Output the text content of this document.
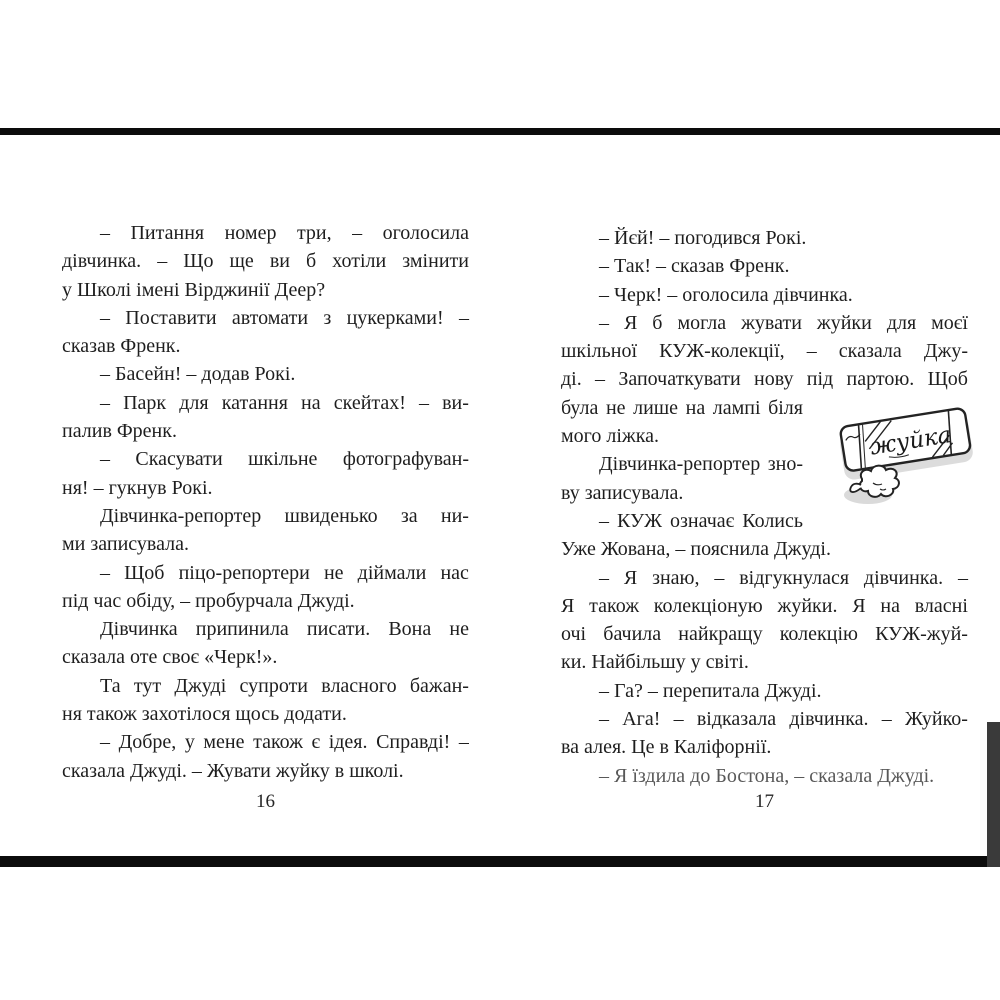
– Питання номер три, – оголосила
дівчинка. – Що ще ви б хотіли змінити
у Школі імені Вірджинії Деер?
– Поставити автомати з цукерками! –
сказав Френк.
– Басейн! – додав Рокі.
– Парк для катання на скейтах! – ви-
палив Френк.
– Скасувати шкільне фотографуван-
ня! – гукнув Рокі.
Дівчинка-репортер швиденько за ни-
ми записувала.
– Щоб піцо-репортери не діймали нас
під час обіду, – пробурчала Джуді.
Дівчинка припинила писати. Вона не
сказала оте своє «Черк!».
Та тут Джуді супроти власного бажан-
ня також захотілося щось додати.
– Добре, у мене також є ідея. Справді! –
сказала Джуді. – Жувати жуйку в школі.
16
– Йєй! – погодився Рокі.
– Так! – сказав Френк.
– Черк! – оголосила дівчинка.
– Я б могла жувати жуйки для моєї
шкільної КУЖ-колекції, – сказала Джу-
ді. – Започаткувати нову під партою. Щоб
була не лише на лампі біля
мого ліжка.
Дівчинка-репортер зно-
ву записувала.
– КУЖ означає Колись
Уже Жована, – пояснила Джуді.
– Я знаю, – відгукнулася дівчинка. –
Я також колекціоную жуйки. Я на власні
очі бачила найкращу колекцію КУЖ-жуй-
ки. Найбільшу у світі.
– Га? – перепитала Джуді.
– Ага! – відказала дівчинка. – Жуйко-
ва алея. Це в Каліфорнії.
– Я їздила до Бостона, – сказала Джуді.
17
жуйка
